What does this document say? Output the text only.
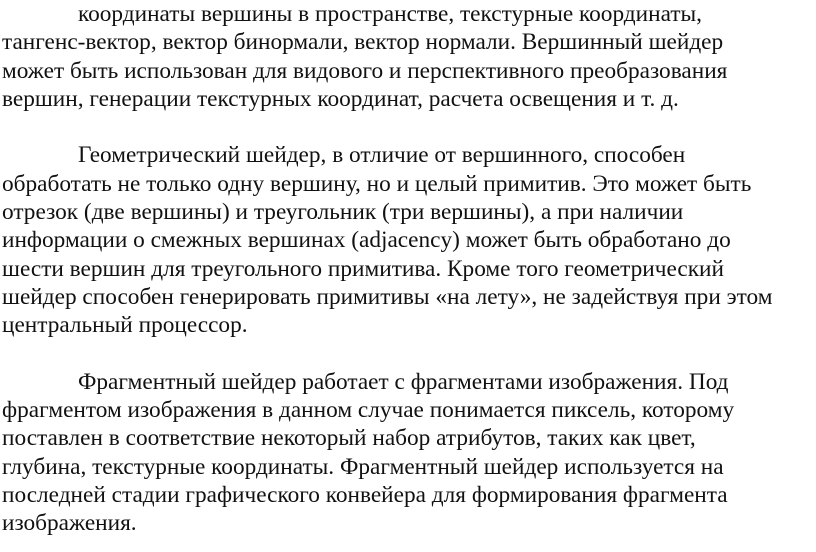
координаты вершины в пространстве, текстурные координаты,
тангенс-вектор, вектор бинормали, вектор нормали. Вершинный шейдер
может быть использован для видового и перспективного преобразования
вершин, генерации текстурных координат, расчета освещения и т. д.
Геометрический шейдер, в отличие от вершинного, способен
обработать не только одну вершину, но и целый примитив. Это может быть
отрезок (две вершины) и треугольник (три вершины), а при наличии
информации о смежных вершинах (adjacency) может быть обработано до
шести вершин для треугольного примитива. Кроме того геометрический
шейдер способен генерировать примитивы «на лету», не задействуя при этом
центральный процессор.
Фрагментный шейдер работает с фрагментами изображения. Под
фрагментом изображения в данном случае понимается пиксель, которому
поставлен в соответствие некоторый набор атрибутов, таких как цвет,
глубина, текстурные координаты. Фрагментный шейдер используется на
последней стадии графического конвейера для формирования фрагмента
изображения.
